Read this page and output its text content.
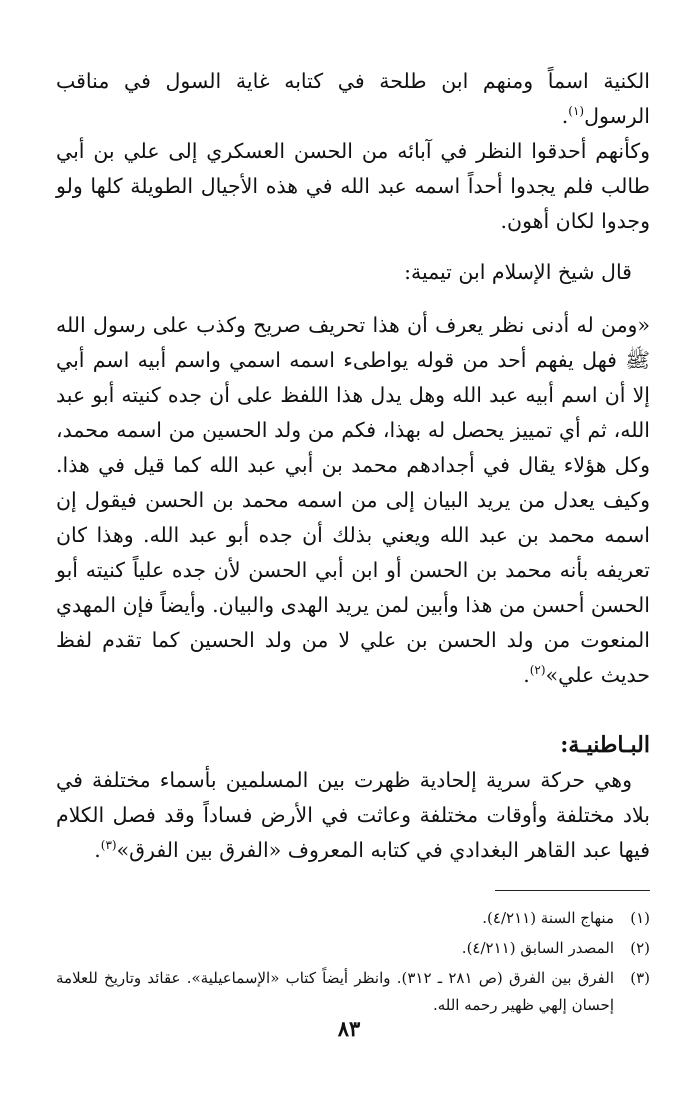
الكنية اسماً ومنهم ابن طلحة في كتابه غاية السول في مناقب الرسول$^{(١)}$.

وكأنهم أحدقوا النظر في آبائه من الحسن العسكري إلى علي بن أبي طالب فلم يجدوا أحداً اسمه عبد الله في هذه الأجيال الطويلة كلها ولو وجدوا لكان أهون.

قال شيخ الإسلام ابن تيمية:

«ومن له أدنى نظر يعرف أن هذا تحريف صريح وكذب على رسول الله ﷺ فهل يفهم أحد من قوله يواطىء اسمه اسمي واسم أبيه اسم أبي إلا أن اسم أبيه عبد الله وهل يدل هذا اللفظ على أن جده كنيته أبو عبد الله، ثم أي تمييز يحصل له بهذا، فكم من ولد الحسين من اسمه محمد، وكل هؤلاء يقال في أجدادهم محمد بن أبي عبد الله كما قيل في هذا. وكيف يعدل من يريد البيان إلى من اسمه محمد بن الحسن فيقول إن اسمه محمد بن عبد الله ويعني بذلك أن جده أبو عبد الله. وهذا كان تعريفه بأنه محمد بن الحسن أو ابن أبي الحسن لأن جده علياً كنيته أبو الحسن أحسن من هذا وأبين لمن يريد الهدى والبيان. وأيضاً فإن المهدي المنعوت من ولد الحسن بن علي لا من ولد الحسين كما تقدم لفظ حديث علي»$^{(٢)}$.

البـاطنيـة:

وهي حركة سرية إلحادية ظهرت بين المسلمين بأسماء مختلفة في بلاد مختلفة وأوقات مختلفة وعاثت في الأرض فساداً وقد فصل الكلام فيها عبد القاهر البغدادي في كتابه المعروف «الفرق بين الفرق»$^{(٣)}$.

(١)
منهاج السنة (٤/٢١١).

(٢)
المصدر السابق (٤/٢١١).

(٣)
الفرق بين الفرق (ص ٢٨١ ـ ٣١٢). وانظر أيضاً كتاب «الإسماعيلية». عقائد وتاريخ للعلامة إحسان إلهي ظهير رحمه الله.

٨٣
